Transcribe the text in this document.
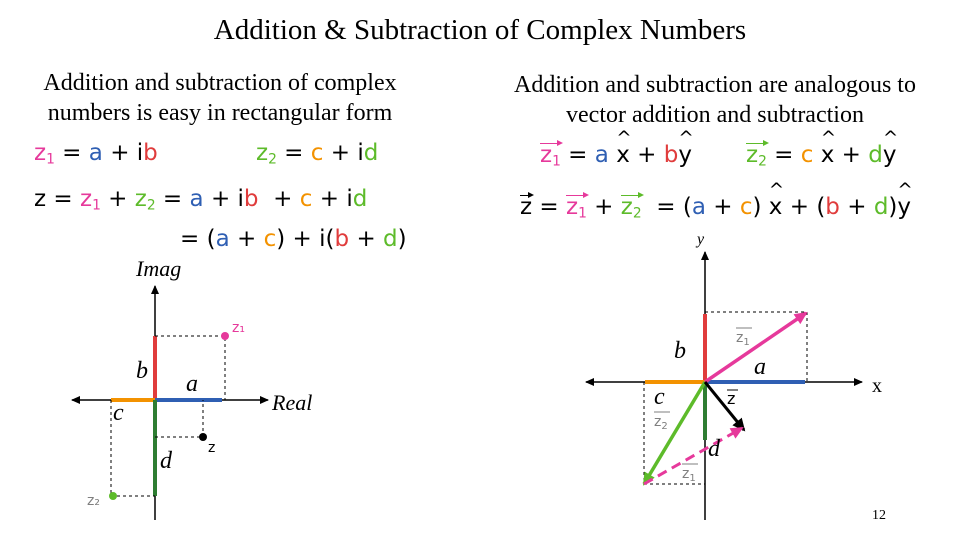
Addition & Subtraction of Complex Numbers
Addition and subtraction of complex
numbers is easy in rectangular form
Addition and subtraction are analogous to
vector addition and subtraction
$z_1 = a$ + ib	$z_2 = c$ + id
$z = z_1 + z_2 = a$ + ib + c + id
= (a + c) + i(b + d)
$z_1 = a$ ^ x + b^ y $z_2 = c$ ^ x + d^ y
$z = z_1 + z_2 = (a + c)$ ^ x + (b + d)^ y
Imag
Real
z₁
z₂
z
a
b
c
d
y
x
a
b
c
d
z
$z_1$
$z_2$
$z_1$
12
